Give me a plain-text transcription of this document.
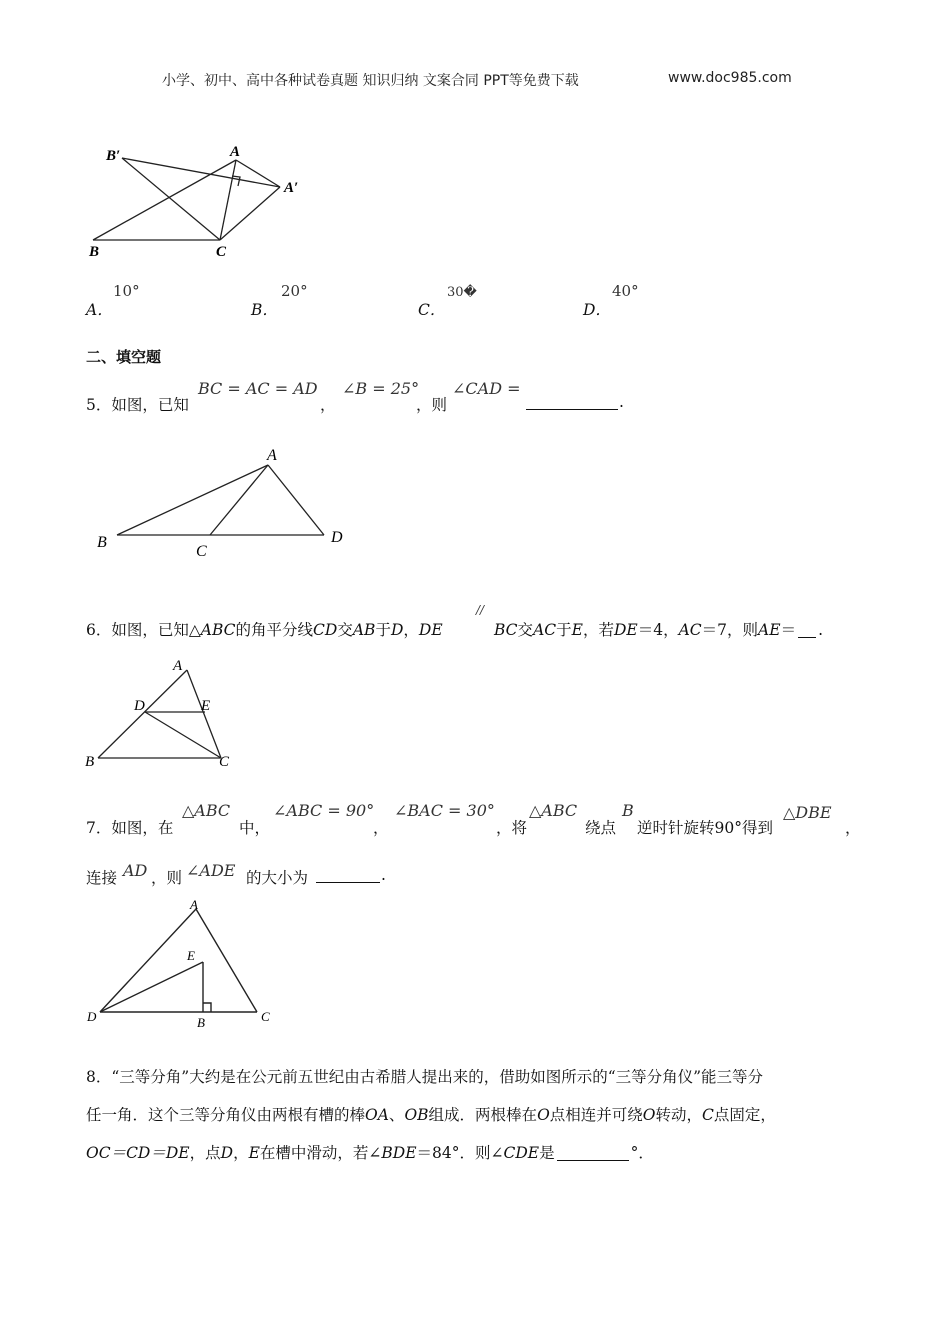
小学、初中、高中各种试卷真题 知识归纳 文案合同 PPT等免费下载	www.doc985.com
B′	A
A′
B	C
A．
10°
B．
20°
C．
30�
D．
40°
二、填空题
5．如图，已知
BC = AC = AD
，
∠B = 25°
，则
∠CAD =
.
A
B
C
D
6．如图，已知△ABC的角平分线CD交AB于D，DE
//
BC交AC于E，若DE＝4，AC＝7，则AE＝ .
A
D	E
B	C
7．如图，在
△ABC
中，
∠ABC = 90°
，
∠BAC = 30°
，将
△ABC
绕点
B
逆时针旋转90°得到
△DBE
，
连接 AD ，则 ∠ADE 的大小为	.
A
E
D	B	C
8．“三等分角”大约是在公元前五世纪由古希腊人提出来的，借助如图所示的“三等分角仪”能三等分
任一角．这个三等分角仪由两根有槽的棒OA、OB组成．两根棒在O点相连并可绕O转动，C点固定，
OC＝CD＝DE，点D，E在槽中滑动，若∠BDE＝84°．则∠CDE是	°．
